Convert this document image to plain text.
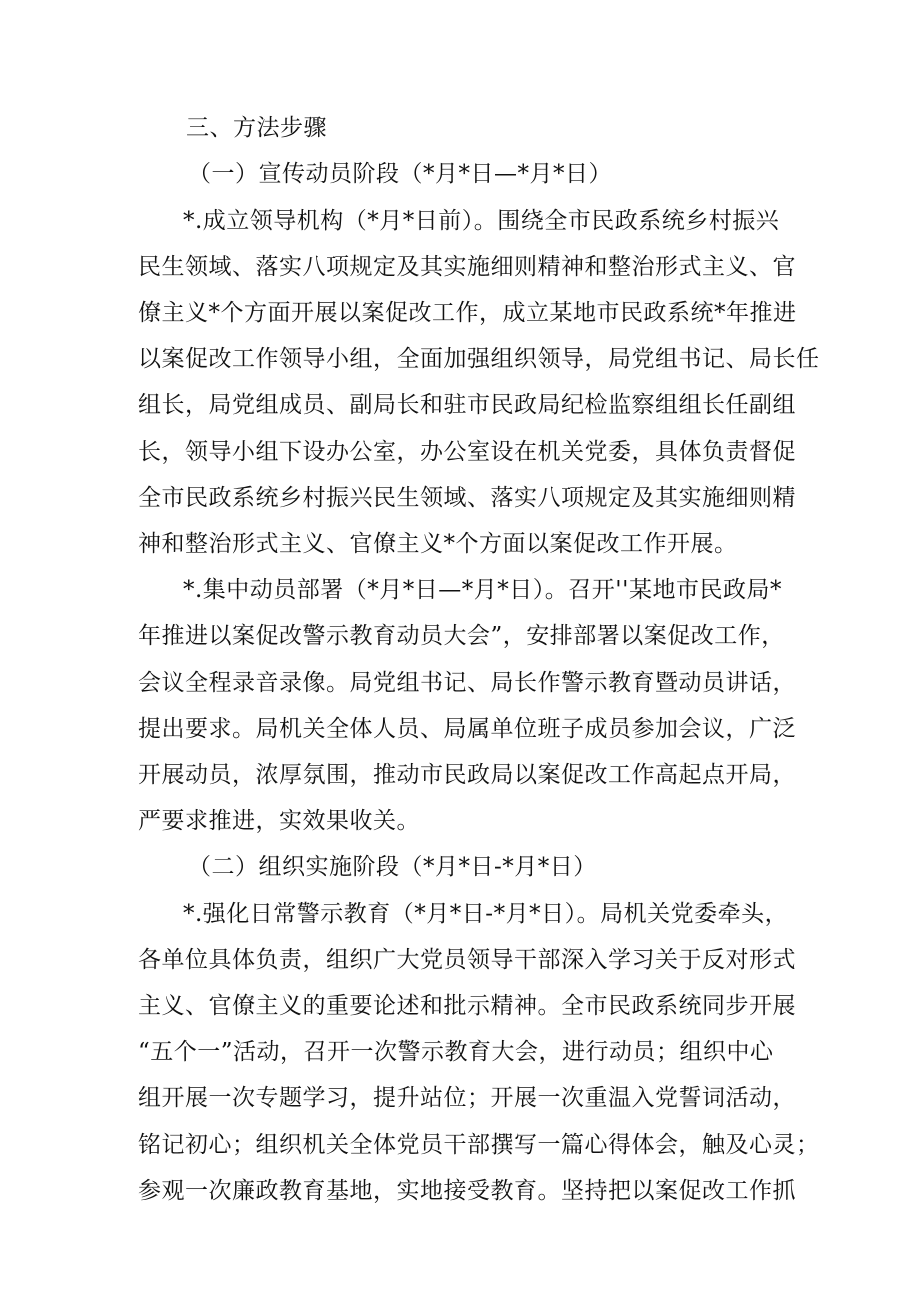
三、方法步骤
（一）宣传动员阶段（*月*日—*月*日）
*.成立领导机构（*月*日前）。围绕全市民政系统乡村振兴
民生领域、落实八项规定及其实施细则精神和整治形式主义、官
僚主义*个方面开展以案促改工作，成立某地市民政系统*年推进
以案促改工作领导小组，全面加强组织领导，局党组书记、局长任
组长，局党组成员、副局长和驻市民政局纪检监察组组长任副组
长，领导小组下设办公室，办公室设在机关党委，具体负责督促
全市民政系统乡村振兴民生领域、落实八项规定及其实施细则精
神和整治形式主义、官僚主义*个方面以案促改工作开展。
*.集中动员部署（*月*日—*月*日）。召开''某地市民政局*
年推进以案促改警示教育动员大会”，安排部署以案促改工作，
会议全程录音录像。局党组书记、局长作警示教育暨动员讲话，
提出要求。局机关全体人员、局属单位班子成员参加会议，广泛
开展动员，浓厚氛围，推动市民政局以案促改工作高起点开局，
严要求推进，实效果收关。
（二）组织实施阶段（*月*日-*月*日）
*.强化日常警示教育（*月*日-*月*日）。局机关党委牵头，
各单位具体负责，组织广大党员领导干部深入学习关于反对形式
主义、官僚主义的重要论述和批示精神。全市民政系统同步开展
“五个一”活动，召开一次警示教育大会，进行动员；组织中心
组开展一次专题学习，提升站位；开展一次重温入党誓词活动，
铭记初心；组织机关全体党员干部撰写一篇心得体会，触及心灵；
参观一次廉政教育基地，实地接受教育。坚持把以案促改工作抓
